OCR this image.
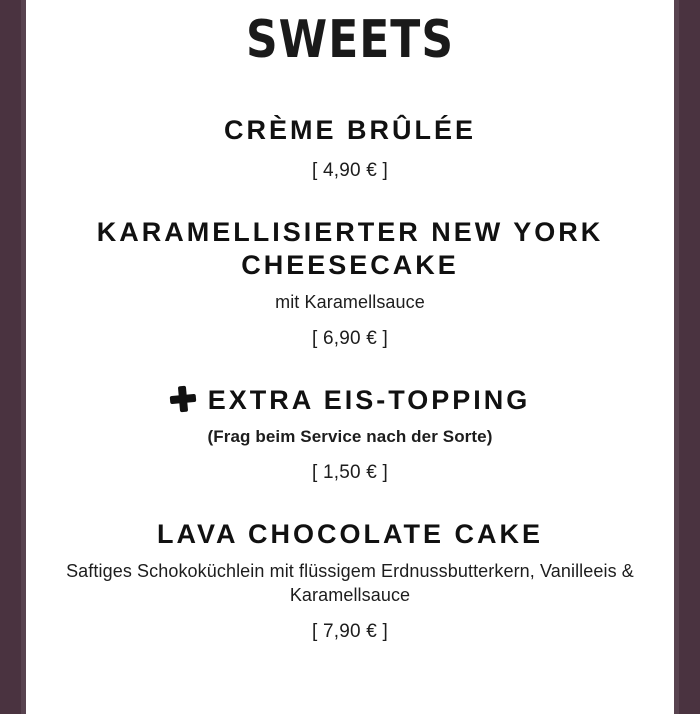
SWEETS
CRÈME BRÛLÉE
[ 4,90 € ]
KARAMELLISIERTER NEW YORK CHEESECAKE
mit Karamellsauce
[ 6,90 € ]
EXTRA EIS-TOPPING
(Frag beim Service nach der Sorte)
[ 1,50 € ]
LAVA CHOCOLATE CAKE
Saftiges Schokoküchlein mit flüssigem Erdnussbutterkern, Vanilleeis & Karamellsauce
[ 7,90 € ]
